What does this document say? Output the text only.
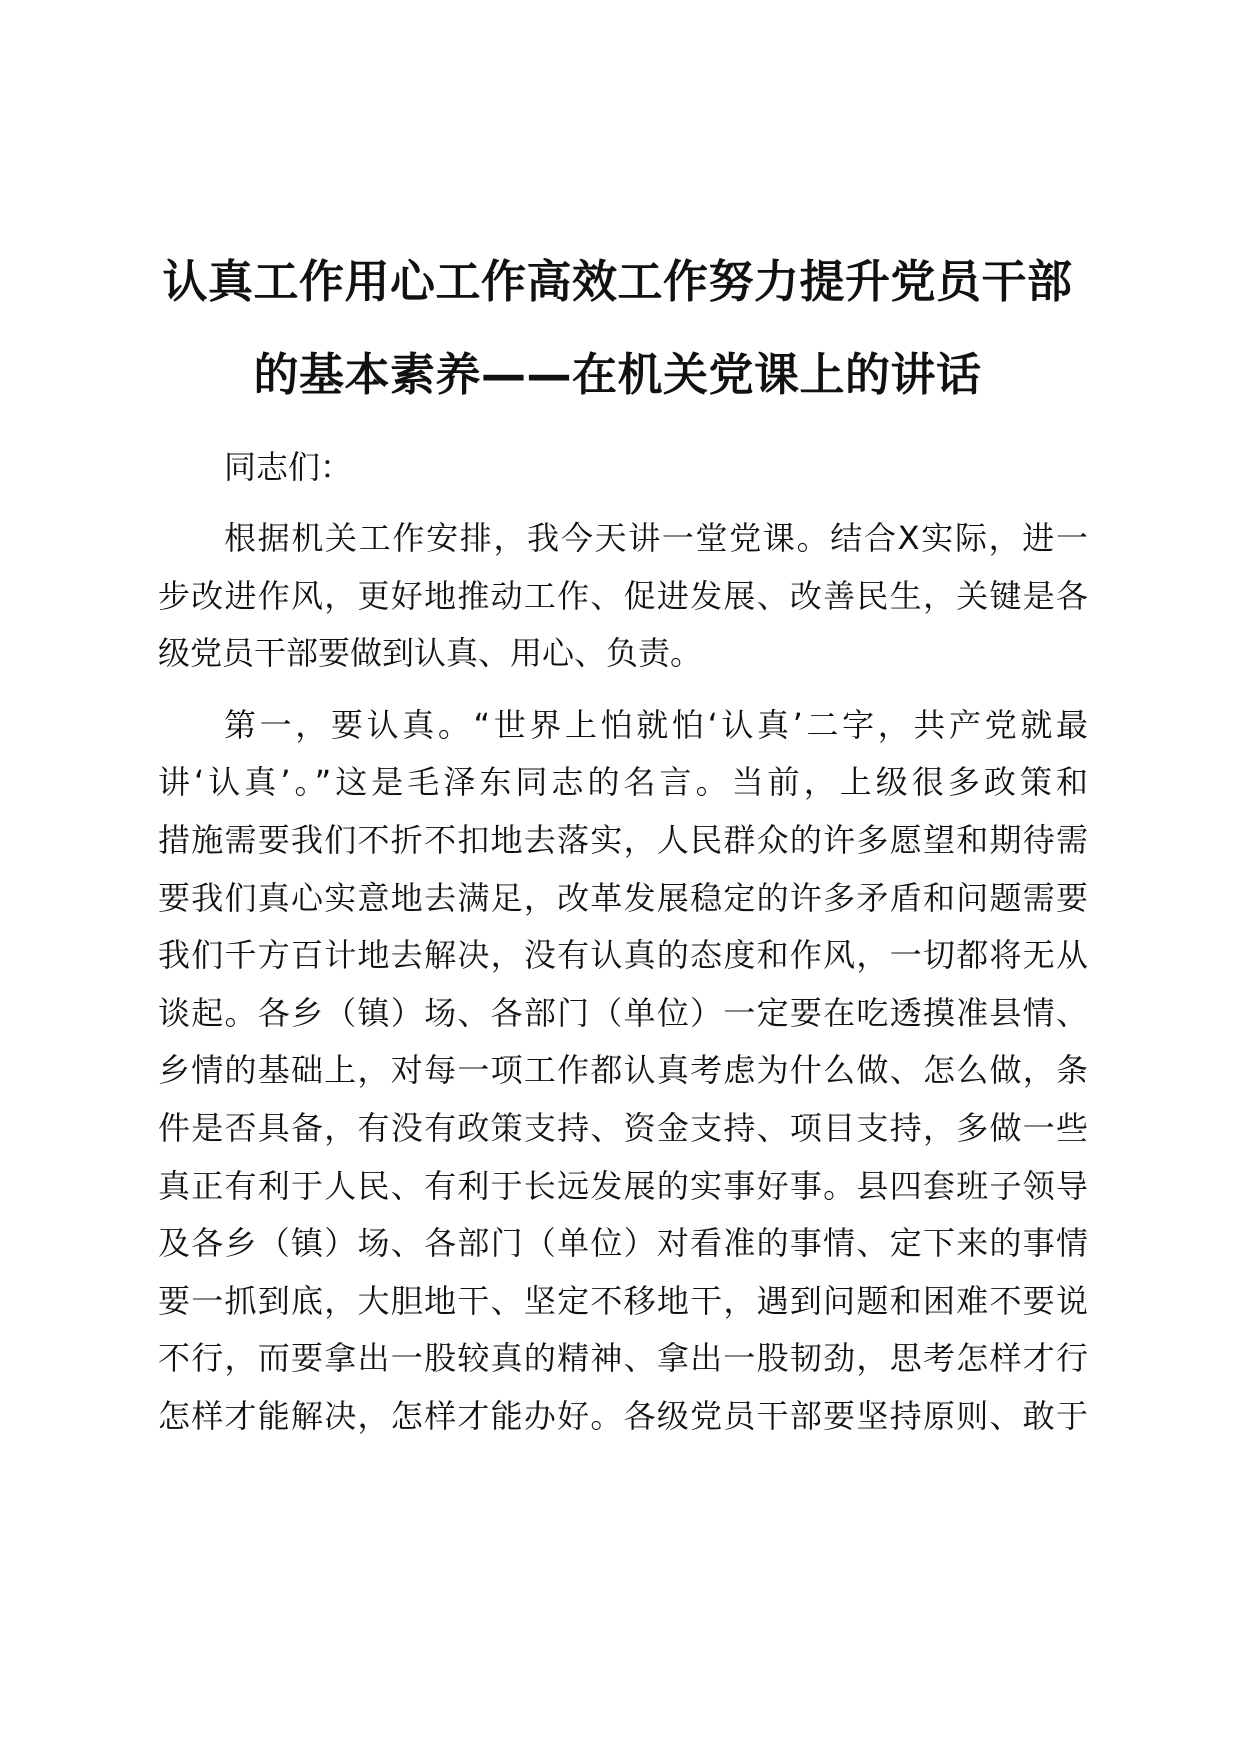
认真工作用心工作高效工作努力提升党员干部
的基本素养——在机关党课上的讲话
同志们：
根据机关工作安排，我今天讲一堂党课。结合X实际，进一
步改进作风，更好地推动工作、促进发展、改善民生，关键是各
级党员干部要做到认真、用心、负责。
第一，要认真。“世界上怕就怕‘认真’二字，共产党就最
讲‘认真’。”这是毛泽东同志的名言。当前，上级很多政策和
措施需要我们不折不扣地去落实，人民群众的许多愿望和期待需
要我们真心实意地去满足，改革发展稳定的许多矛盾和问题需要
我们千方百计地去解决，没有认真的态度和作风，一切都将无从
谈起。各乡（镇）场、各部门（单位）一定要在吃透摸准县情、
乡情的基础上，对每一项工作都认真考虑为什么做、怎么做，条
件是否具备，有没有政策支持、资金支持、项目支持，多做一些
真正有利于人民、有利于长远发展的实事好事。县四套班子领导
及各乡（镇）场、各部门（单位）对看准的事情、定下来的事情
要一抓到底，大胆地干、坚定不移地干，遇到问题和困难不要说
不行，而要拿出一股较真的精神、拿出一股韧劲，思考怎样才行
怎样才能解决，怎样才能办好。各级党员干部要坚持原则、敢于
